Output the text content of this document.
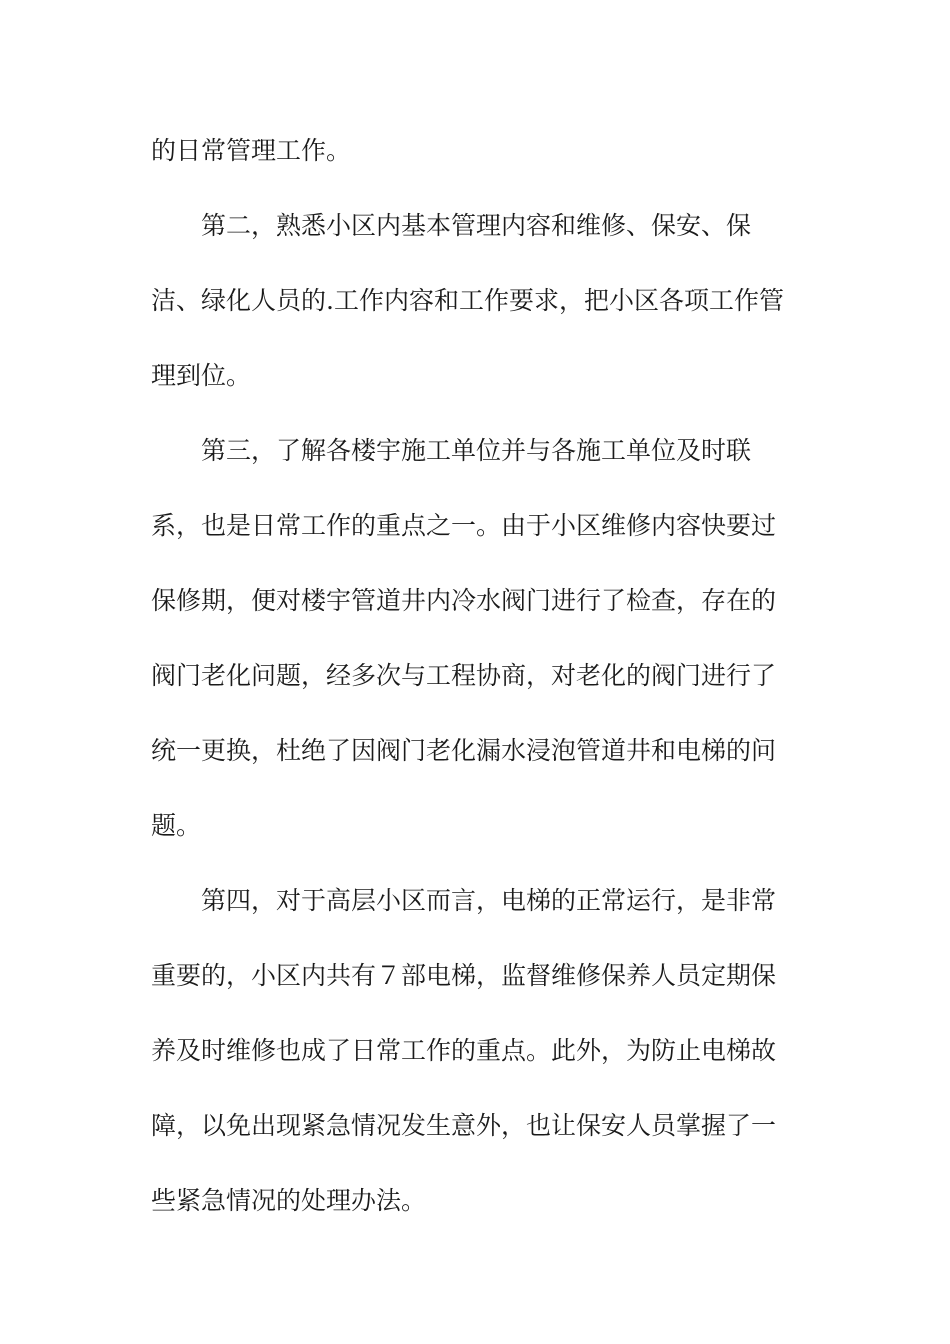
的日常管理工作。
第二，熟悉小区内基本管理内容和维修、保安、保
洁、绿化人员的.工作内容和工作要求，把小区各项工作管
理到位。
第三，了解各楼宇施工单位并与各施工单位及时联
系，也是日常工作的重点之一。由于小区维修内容快要过
保修期，便对楼宇管道井内冷水阀门进行了检查，存在的
阀门老化问题，经多次与工程协商，对老化的阀门进行了
统一更换，杜绝了因阀门老化漏水浸泡管道井和电梯的问
题。
第四，对于高层小区而言，电梯的正常运行，是非常
重要的，小区内共有７部电梯，监督维修保养人员定期保
养及时维修也成了日常工作的重点。此外，为防止电梯故
障，以免出现紧急情况发生意外，也让保安人员掌握了一
些紧急情况的处理办法。
